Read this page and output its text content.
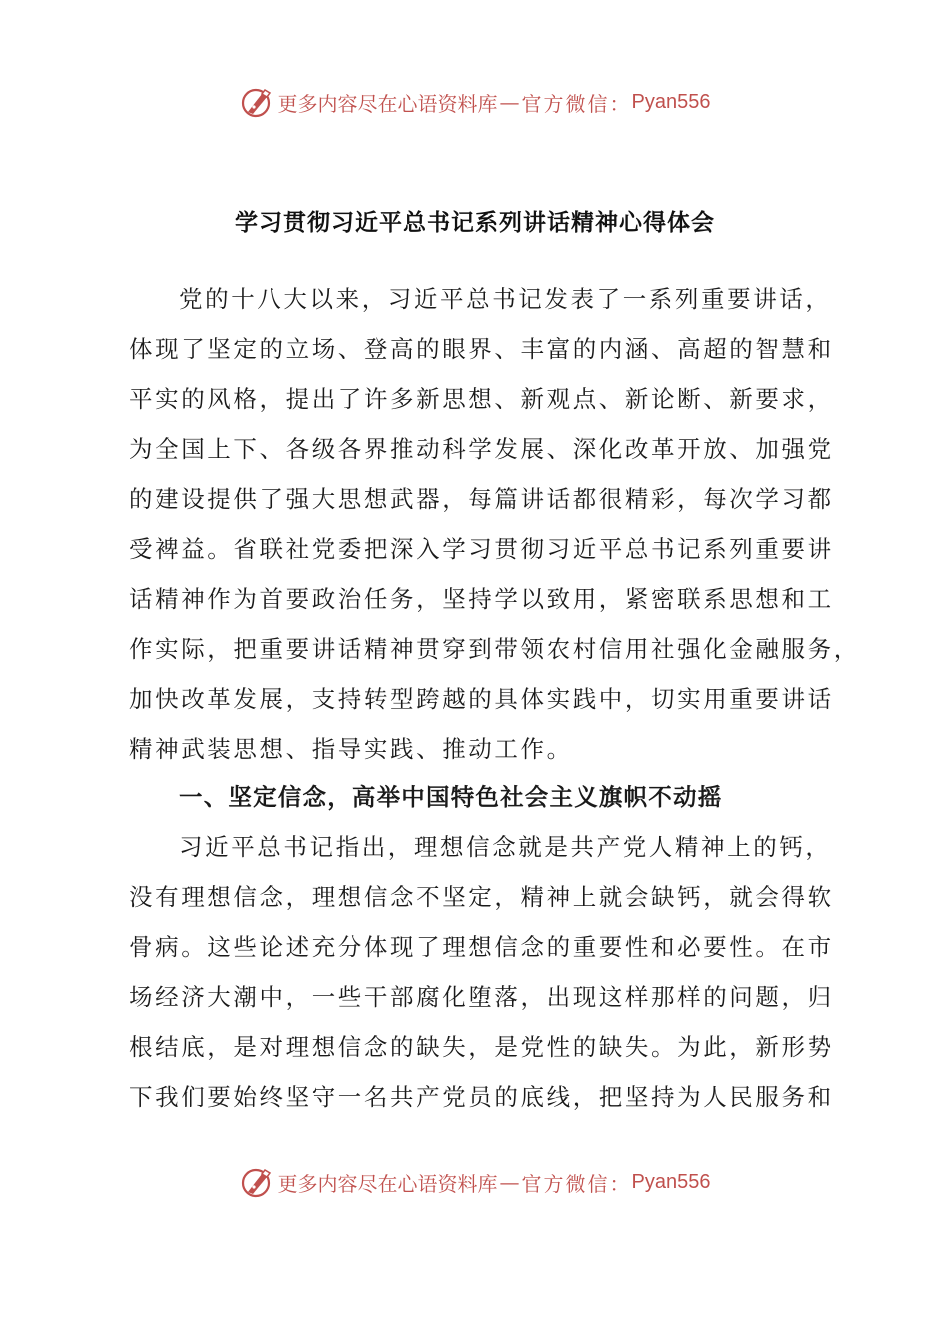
更多内容尽在心语资料库 — 官方微信： Pyan556
学习贯彻习近平总书记系列讲话精神心得体会
党的十八大以来，习近平总书记发表了一系列重要讲话，
体现了坚定的立场、登高的眼界、丰富的内涵、高超的智慧和
平实的风格，提出了许多新思想、新观点、新论断、新要求，
为全国上下、各级各界推动科学发展、深化改革开放、加强党
的建设提供了强大思想武器，每篇讲话都很精彩，每次学习都
受裨益。省联社党委把深入学习贯彻习近平总书记系列重要讲
话精神作为首要政治任务，坚持学以致用，紧密联系思想和工
作实际，把重要讲话精神贯穿到带领农村信用社强化金融服务，
加快改革发展，支持转型跨越的具体实践中，切实用重要讲话
精神武装思想、指导实践、推动工作。
一、坚定信念，高举中国特色社会主义旗帜不动摇
习近平总书记指出，理想信念就是共产党人精神上的钙，
没有理想信念，理想信念不坚定，精神上就会缺钙，就会得软
骨病。这些论述充分体现了理想信念的重要性和必要性。在市
场经济大潮中，一些干部腐化堕落，出现这样那样的问题，归
根结底，是对理想信念的缺失，是党性的缺失。为此，新形势
下我们要始终坚守一名共产党员的底线，把坚持为人民服务和
更多内容尽在心语资料库 — 官方微信： Pyan556
